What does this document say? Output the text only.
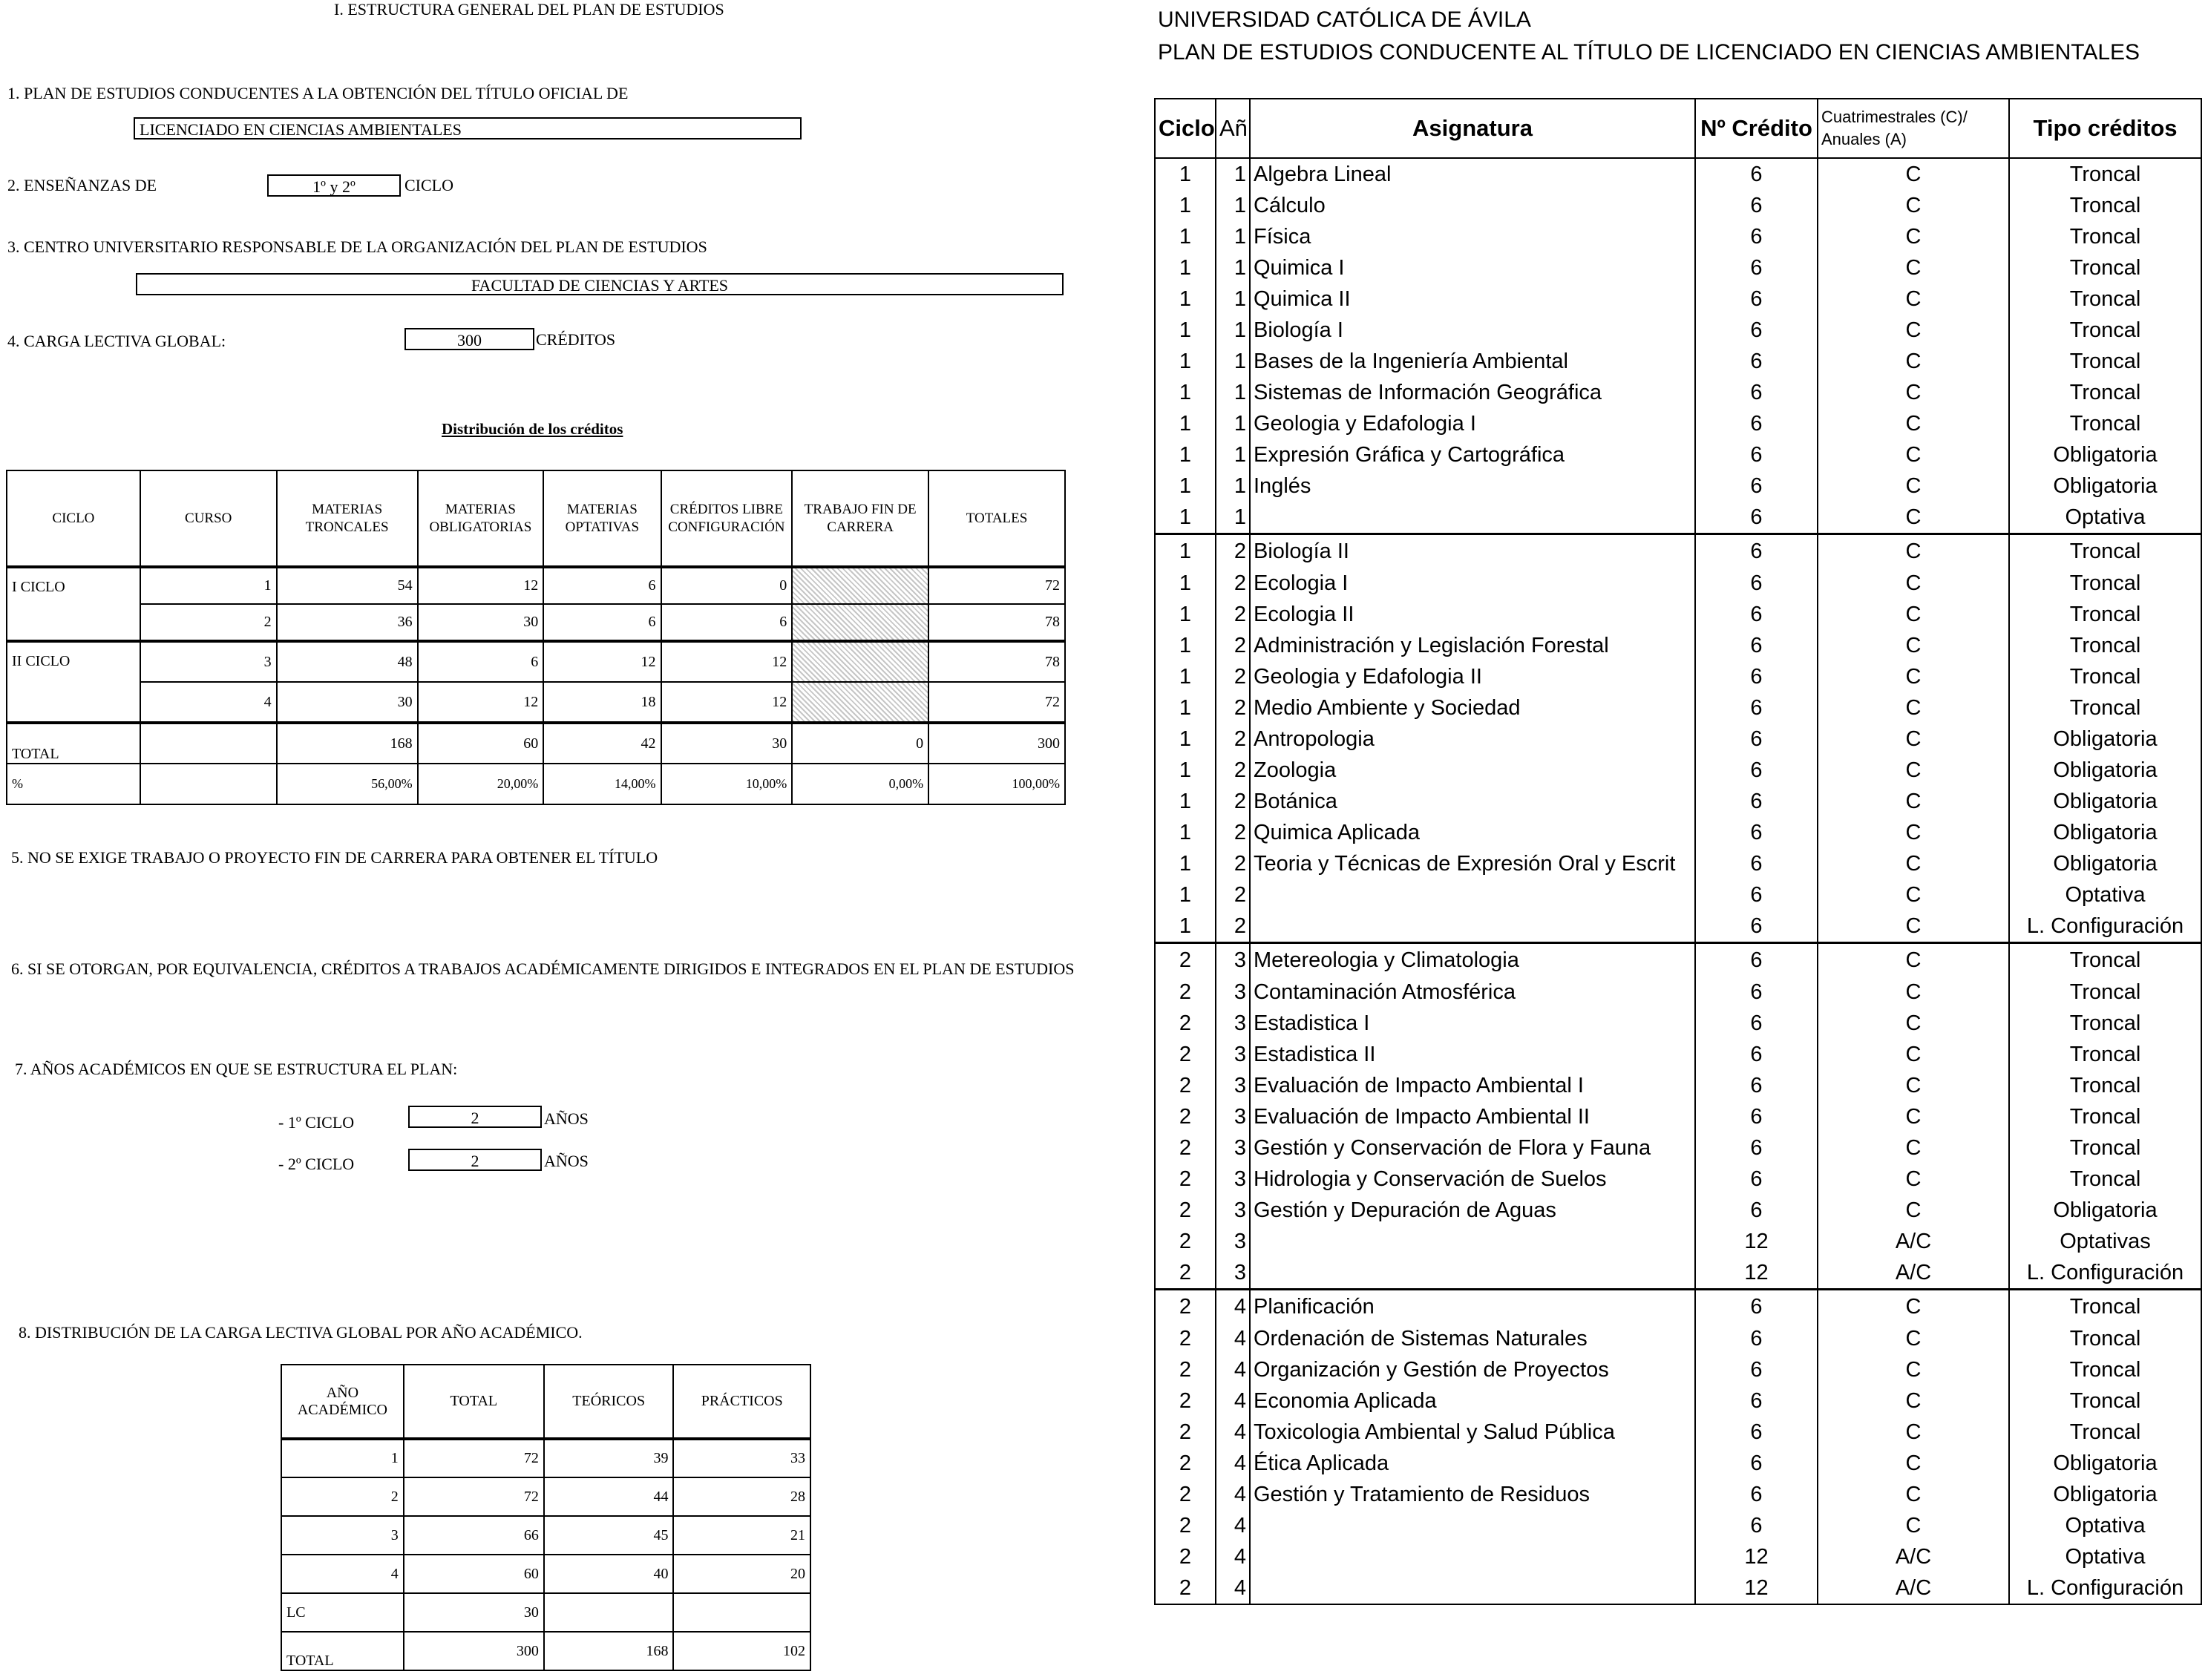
I. ESTRUCTURA GENERAL DEL PLAN DE ESTUDIOS
1. PLAN DE ESTUDIOS CONDUCENTES A LA OBTENCIÓN DEL TÍTULO OFICIAL DE
LICENCIADO EN CIENCIAS AMBIENTALES
2. ENSEÑANZAS DE	1º y 2º	CICLO
3. CENTRO UNIVERSITARIO RESPONSABLE DE LA ORGANIZACIÓN DEL PLAN DE ESTUDIOS
FACULTAD DE CIENCIAS Y ARTES
4. CARGA LECTIVA GLOBAL:	300	CRÉDITOS
Distribución de los créditos
CICLO	CURSO	MATERIAS TRONCALES	MATERIAS OBLIGATORIAS	MATERIAS OPTATIVAS	CRÉDITOS LIBRE CONFIGURACIÓN	TRABAJO FIN DE CARRERA	TOTALES
I CICLO	1	54	12	6	0		72
	2	36	30	6	6		78
II CICLO	3	48	6	12	12		78
	4	30	12	18	12		72
TOTAL		168	60	42	30	0	300
%		56,00%	20,00%	14,00%	10,00%	0,00%	100,00%
5. NO SE EXIGE TRABAJO O PROYECTO FIN DE CARRERA PARA OBTENER EL TÍTULO
6. SI SE OTORGAN, POR EQUIVALENCIA, CRÉDITOS A TRABAJOS ACADÉMICAMENTE DIRIGIDOS E INTEGRADOS EN EL PLAN DE ESTUDIOS
7. AÑOS ACADÉMICOS EN QUE SE ESTRUCTURA EL PLAN:
- 1º CICLO	2	AÑOS
- 2º CICLO	2	AÑOS
8. DISTRIBUCIÓN DE LA CARGA LECTIVA GLOBAL POR AÑO ACADÉMICO.
AÑO ACADÉMICO	TOTAL	TEÓRICOS	PRÁCTICOS
1	72	39	33
2	72	44	28
3	66	45	21
4	60	40	20
LC	30		
TOTAL	300	168	102
UNIVERSIDAD CATÓLICA DE ÁVILA
PLAN DE ESTUDIOS CONDUCENTE AL TÍTULO DE LICENCIADO EN CIENCIAS AMBIENTALES
Ciclo	Añ	Asignatura	Nº Crédito	Cuatrimestrales (C)/ Anuales (A)	Tipo créditos
1	1	Algebra Lineal	6	C	Troncal
1	1	Cálculo	6	C	Troncal
1	1	Física	6	C	Troncal
1	1	Quimica I	6	C	Troncal
1	1	Quimica II	6	C	Troncal
1	1	Biología I	6	C	Troncal
1	1	Bases de la Ingeniería Ambiental	6	C	Troncal
1	1	Sistemas de Información Geográfica	6	C	Troncal
1	1	Geologia y Edafologia I	6	C	Troncal
1	1	Expresión Gráfica y Cartográfica	6	C	Obligatoria
1	1	Inglés	6	C	Obligatoria
1	1		6	C	Optativa
1	2	Biología II	6	C	Troncal
1	2	Ecologia I	6	C	Troncal
1	2	Ecologia II	6	C	Troncal
1	2	Administración y Legislación Forestal	6	C	Troncal
1	2	Geologia y Edafologia II	6	C	Troncal
1	2	Medio Ambiente y Sociedad	6	C	Troncal
1	2	Antropologia	6	C	Obligatoria
1	2	Zoologia	6	C	Obligatoria
1	2	Botánica	6	C	Obligatoria
1	2	Quimica Aplicada	6	C	Obligatoria
1	2	Teoria y Técnicas de Expresión Oral y Escrit	6	C	Obligatoria
1	2		6	C	Optativa
1	2		6	C	L. Configuración
2	3	Metereologia y Climatologia	6	C	Troncal
2	3	Contaminación Atmosférica	6	C	Troncal
2	3	Estadistica I	6	C	Troncal
2	3	Estadistica II	6	C	Troncal
2	3	Evaluación de Impacto Ambiental I	6	C	Troncal
2	3	Evaluación de Impacto Ambiental II	6	C	Troncal
2	3	Gestión y Conservación de Flora y Fauna	6	C	Troncal
2	3	Hidrologia y Conservación de Suelos	6	C	Troncal
2	3	Gestión y Depuración de Aguas	6	C	Obligatoria
2	3		12	A/C	Optativas
2	3		12	A/C	L. Configuración
2	4	Planificación	6	C	Troncal
2	4	Ordenación de Sistemas Naturales	6	C	Troncal
2	4	Organización y Gestión de Proyectos	6	C	Troncal
2	4	Economia Aplicada	6	C	Troncal
2	4	Toxicologia Ambiental y Salud Pública	6	C	Troncal
2	4	Ética Aplicada	6	C	Obligatoria
2	4	Gestión y Tratamiento de Residuos	6	C	Obligatoria
2	4		6	C	Optativa
2	4		12	A/C	Optativa
2	4		12	A/C	L. Configuración
